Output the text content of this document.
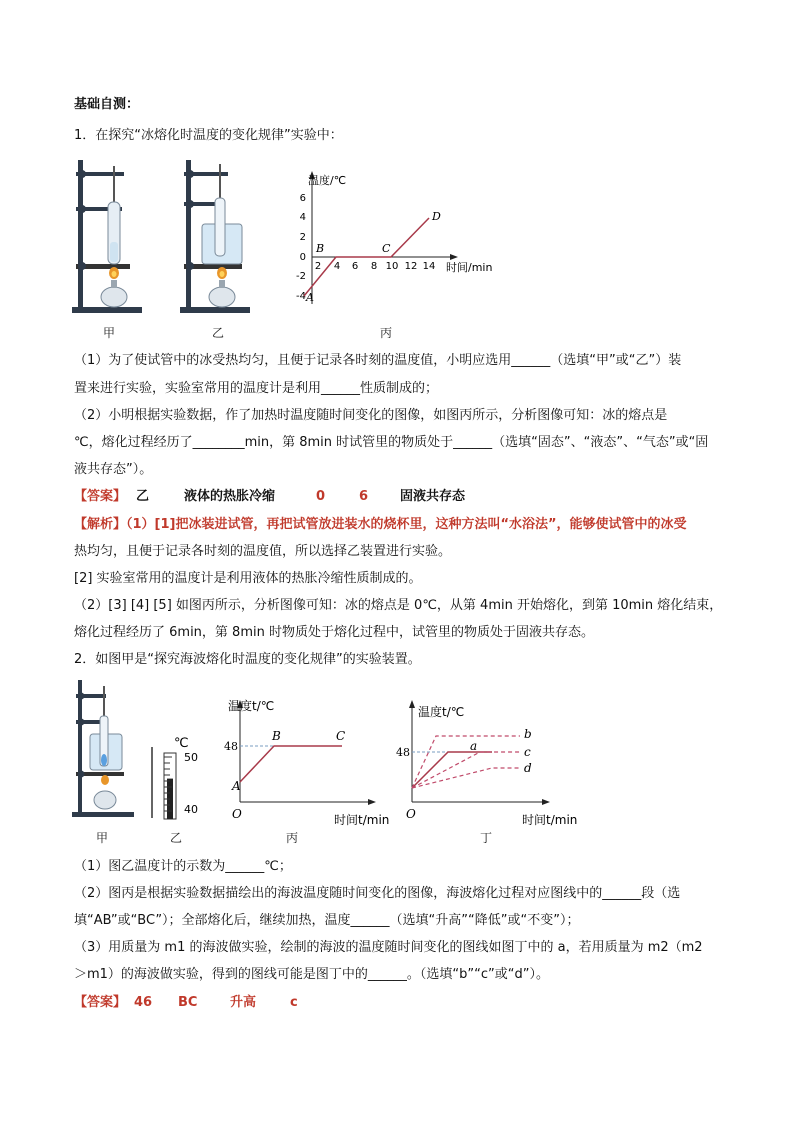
基础自测：
1．在探究“冰熔化时温度的变化规律”实验中：
温度/℃
时间/min
6
4
2
0
-2
-4
2 4 6 8 10 12 14
A
B	C
D
甲	乙	丙
（1）为了使试管中的冰受热均匀，且便于记录各时刻的温度值，小明应选用______（选填“甲”或“乙”）装
置来进行实验，实验室常用的温度计是利用______性质制成的；
（2）小明根据实验数据，作了加热时温度随时间变化的图像，如图丙所示，分析图像可知：冰的熔点是
℃，熔化过程经历了________min，第 8min 时试管里的物质处于______（选填“固态”、“液态”、“气态”或“固
液共存态”）。
【答案】 乙	液体的热胀冷缩	0	6 固液共存态
【解析】（1）[1]把冰装进试管，再把试管放进装水的烧杯里，这种方法叫“水浴法”，能够使试管中的冰受
热均匀，且便于记录各时刻的温度值，所以选择乙装置进行实验。
[2] 实验室常用的温度计是利用液体的热胀冷缩性质制成的。
（2）[3] [4] [5] 如图丙所示，分析图像可知：冰的熔点是 0℃，从第 4min 开始熔化，到第 10min 熔化结束，
熔化过程经历了 6min，第 8min 时物质处于熔化过程中，试管里的物质处于固液共存态。
2．如图甲是“探究海波熔化时温度的变化规律”的实验装置。
℃
50
40
温度t/℃
时间t/min
48
O
A
B	C
温度t/℃
时间t/min
48
O
a
b
c
d
甲	乙	丙	丁
（1）图乙温度计的示数为______℃；
（2）图丙是根据实验数据描绘出的海波温度随时间变化的图像，海波熔化过程对应图线中的______段（选
填“AB”或“BC”）；全部熔化后，继续加热，温度______（选填“升高”“降低”或“不变”）；
（3）用质量为 m1 的海波做实验，绘制的海波的温度随时间变化的图线如图丁中的 a，若用质量为 m2（m2
＞m1）的海波做实验，得到的图线可能是图丁中的______。（选填“b”“c”或“d”）。
【答案】 46 BC	升高	c
